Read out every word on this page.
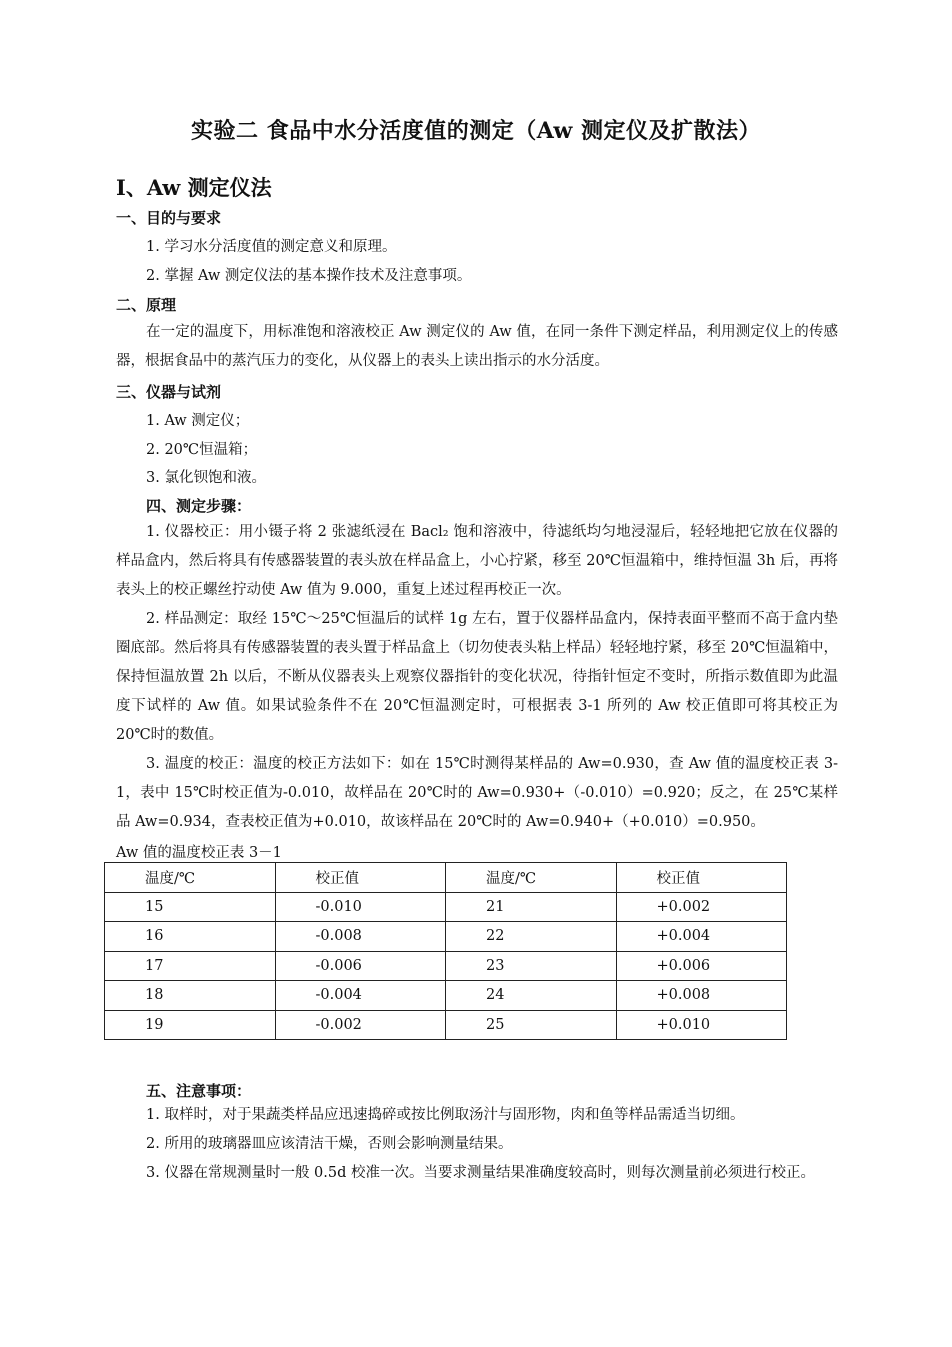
实验二 食品中水分活度值的测定（Aw 测定仪及扩散法）
Ⅰ、Aw 测定仪法
一、目的与要求
1. 学习水分活度值的测定意义和原理。
2. 掌握 Aw 测定仪法的基本操作技术及注意事项。
二、原理
在一定的温度下，用标准饱和溶液校正 Aw 测定仪的 Aw 值，在同一条件下测定样品，利用测定仪上的传感器，根据食品中的蒸汽压力的变化，从仪器上的表头上读出指示的水分活度。
三、仪器与试剂
1. Aw 测定仪；
2. 20℃恒温箱；
3. 氯化钡饱和液。
四、测定步骤：
1. 仪器校正：用小镊子将 2 张滤纸浸在 Bacl₂ 饱和溶液中，待滤纸均匀地浸湿后，轻轻地把它放在仪器的样品盒内，然后将具有传感器装置的表头放在样品盒上，小心拧紧，移至 20℃恒温箱中，维持恒温 3h 后，再将表头上的校正螺丝拧动使 Aw 值为 9.000，重复上述过程再校正一次。
2. 样品测定：取经 15℃～25℃恒温后的试样 1g 左右，置于仪器样品盒内，保持表面平整而不高于盒内垫圈底部。然后将具有传感器装置的表头置于样品盒上（切勿使表头粘上样品）轻轻地拧紧，移至 20℃恒温箱中，保持恒温放置 2h 以后，不断从仪器表头上观察仪器指针的变化状况，待指针恒定不变时，所指示数值即为此温度下试样的 Aw 值。如果试验条件不在 20℃恒温测定时，可根据表 3-1 所列的 Aw 校正值即可将其校正为 20℃时的数值。
3. 温度的校正：温度的校正方法如下：如在 15℃时测得某样品的 Aw=0.930，查 Aw 值的温度校正表 3-1，表中 15℃时校正值为-0.010，故样品在 20℃时的 Aw=0.930+（-0.010）=0.920；反之，在 25℃某样品 Aw=0.934，查表校正值为+0.010，故该样品在 20℃时的 Aw=0.940+（+0.010）=0.950。
Aw 值的温度校正表 3－1
温度/℃	校正值	温度/℃	校正值
15	-0.010	21	+0.002
16	-0.008	22	+0.004
17	-0.006	23	+0.006
18	-0.004	24	+0.008
19	-0.002	25	+0.010
五、注意事项：
1. 取样时，对于果蔬类样品应迅速捣碎或按比例取汤汁与固形物，肉和鱼等样品需适当切细。
2. 所用的玻璃器皿应该清洁干燥，否则会影响测量结果。
3. 仪器在常规测量时一般 0.5d 校准一次。当要求测量结果准确度较高时，则每次测量前必须进行校正。
